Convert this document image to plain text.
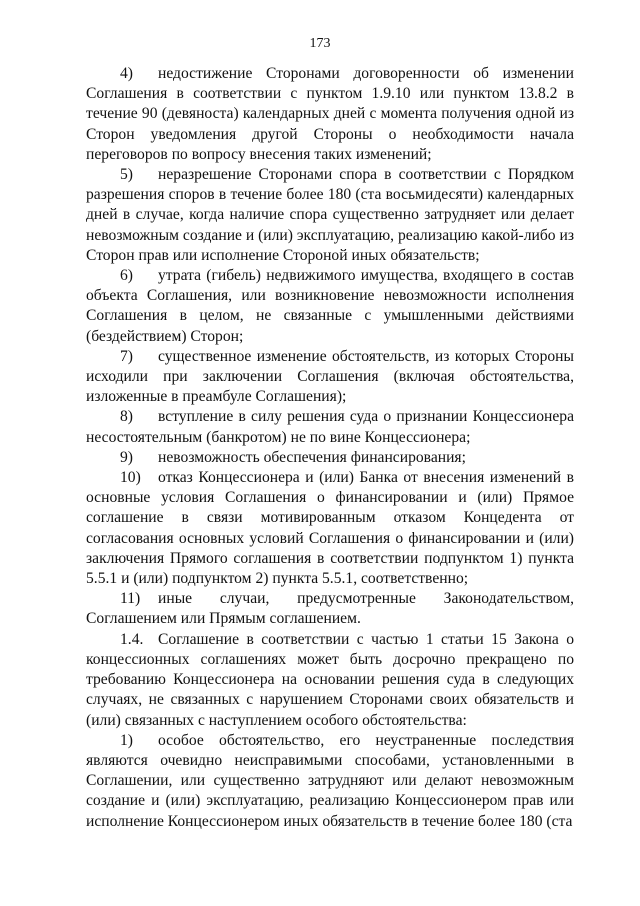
173

4) недостижение Сторонами договоренности об изменении Соглашения в соответствии с пунктом 1.9.10 или пунктом 13.8.2 в течение 90 (девяноста) календарных дней с момента получения одной из Сторон уведомления другой Стороны о необходимости начала переговоров по вопросу внесения таких изменений;

5) неразрешение Сторонами спора в соответствии с Порядком разрешения споров в течение более 180 (ста восьмидесяти) календарных дней в случае, когда наличие спора существенно затрудняет или делает невозможным создание и (или) эксплуатацию, реализацию какой-либо из Сторон прав или исполнение Стороной иных обязательств;

6) утрата (гибель) недвижимого имущества, входящего в состав объекта Соглашения, или возникновение невозможности исполнения Соглашения в целом, не связанные с умышленными действиями (бездействием) Сторон;

7) существенное изменение обстоятельств, из которых Стороны исходили при заключении Соглашения (включая обстоятельства, изложенные в преамбуле Соглашения);

8) вступление в силу решения суда о признании Концессионера несостоятельным (банкротом) не по вине Концессионера;

9) невозможность обеспечения финансирования;

10) отказ Концессионера и (или) Банка от внесения изменений в основные условия Соглашения о финансировании и (или) Прямое соглашение в связи мотивированным отказом Концедента от согласования основных условий Соглашения о финансировании и (или) заключения Прямого соглашения в соответствии подпунктом 1) пункта 5.5.1 и (или) подпунктом 2) пункта 5.5.1, соответственно;

11) иные случаи, предусмотренные Законодательством, Соглашением или Прямым соглашением.

1.4. Соглашение в соответствии с частью 1 статьи 15 Закона о концессионных соглашениях может быть досрочно прекращено по требованию Концессионера на основании решения суда в следующих случаях, не связанных с нарушением Сторонами своих обязательств и (или) связанных с наступлением особого обстоятельства:

1) особое обстоятельство, его неустраненные последствия являются очевидно неисправимыми способами, установленными в Соглашении, или существенно затрудняют или делают невозможным создание и (или) эксплуатацию, реализацию Концессионером прав или исполнение Концессионером иных обязательств в течение более 180 (ста
